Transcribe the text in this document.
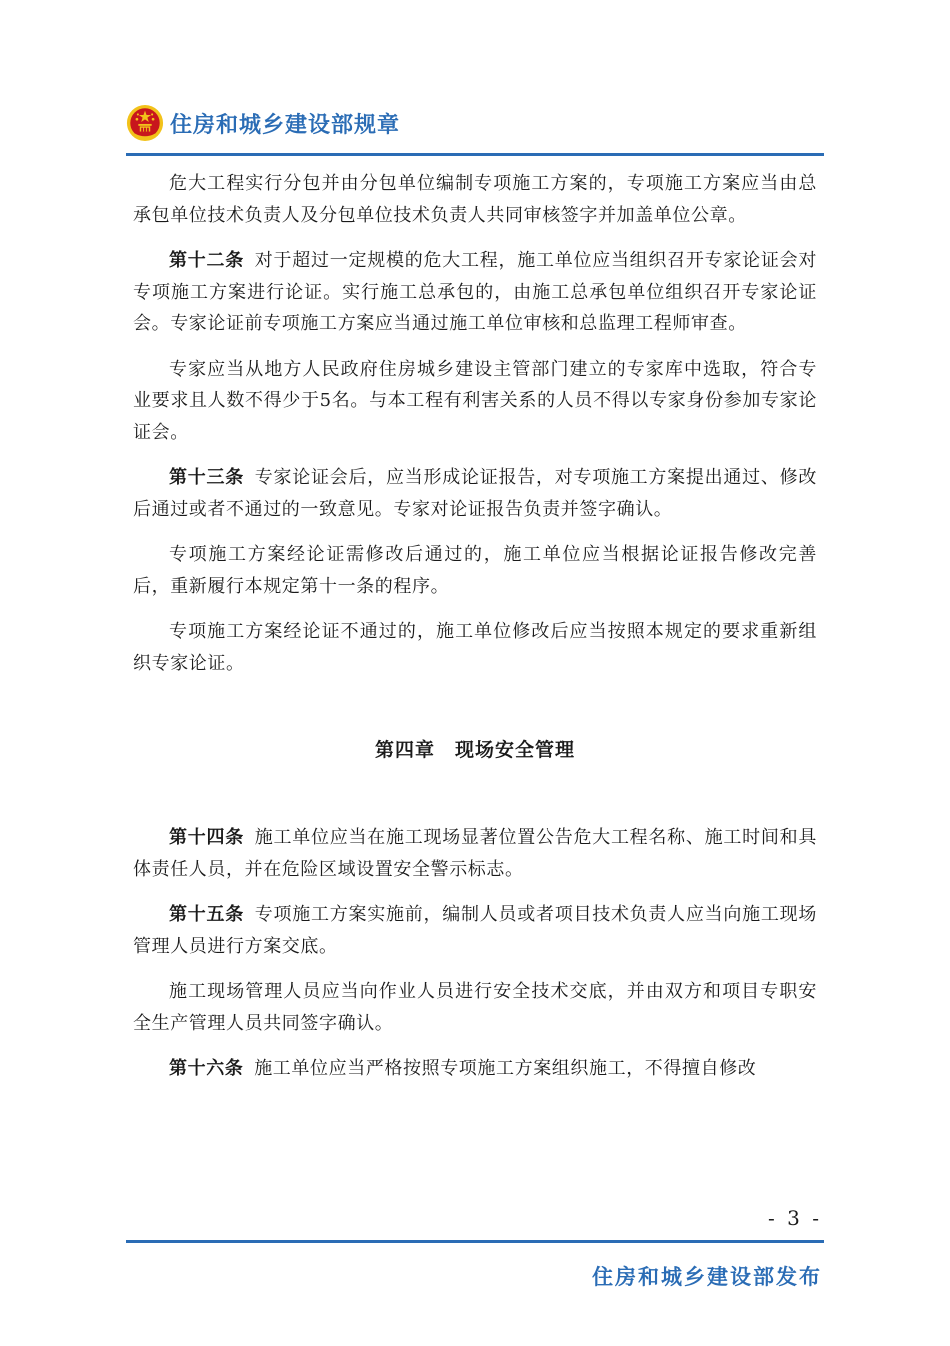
住房和城乡建设部规章

危大工程实行分包并由分包单位编制专项施工方案的，专项施工方案应当由总承包单位技术负责人及分包单位技术负责人共同审核签字并加盖单位公章。

第十二条 对于超过一定规模的危大工程，施工单位应当组织召开专家论证会对专项施工方案进行论证。实行施工总承包的，由施工总承包单位组织召开专家论证会。专家论证前专项施工方案应当通过施工单位审核和总监理工程师审查。

专家应当从地方人民政府住房城乡建设主管部门建立的专家库中选取，符合专业要求且人数不得少于5名。与本工程有利害关系的人员不得以专家身份参加专家论证会。

第十三条 专家论证会后，应当形成论证报告，对专项施工方案提出通过、修改后通过或者不通过的一致意见。专家对论证报告负责并签字确认。

专项施工方案经论证需修改后通过的，施工单位应当根据论证报告修改完善后，重新履行本规定第十一条的程序。

专项施工方案经论证不通过的，施工单位修改后应当按照本规定的要求重新组织专家论证。

第四章　现场安全管理

第十四条 施工单位应当在施工现场显著位置公告危大工程名称、施工时间和具体责任人员，并在危险区域设置安全警示标志。

第十五条 专项施工方案实施前，编制人员或者项目技术负责人应当向施工现场管理人员进行方案交底。

施工现场管理人员应当向作业人员进行安全技术交底，并由双方和项目专职安全生产管理人员共同签字确认。

第十六条 施工单位应当严格按照专项施工方案组织施工，不得擅自修改

- 3 -
住房和城乡建设部发布
